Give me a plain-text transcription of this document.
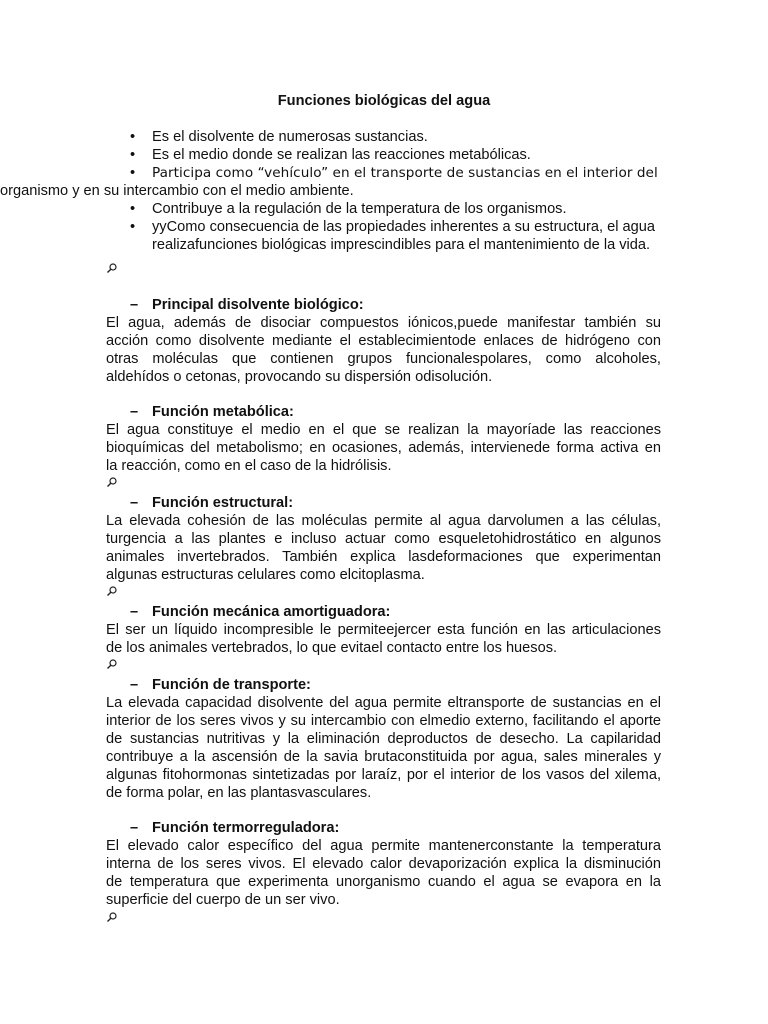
Funciones biológicas del agua
• Es el disolvente de numerosas sustancias.
• Es el medio donde se realizan las reacciones metabólicas.
• Participa como “vehículo” en el transporte de sustancias en el interior del
organismo y en su intercambio con el medio ambiente.
• Contribuye a la regulación de la temperatura de los organismos.
• yyComo consecuencia de las propiedades inherentes a su estructura, el agua
realizafunciones biológicas imprescindibles para el mantenimiento de la vida.
– Principal disolvente biológico:
El agua, además de disociar compuestos iónicos,puede manifestar también su
acción como disolvente mediante el establecimientode enlaces de hidrógeno con
otras moléculas que contienen grupos funcionalespolares, como alcoholes,
aldehídos o cetonas, provocando su dispersión odisolución.
– Función metabólica:
El agua constituye el medio en el que se realizan la mayoríade las reacciones
bioquímicas del metabolismo; en ocasiones, además, intervienede forma activa en
la reacción, como en el caso de la hidrólisis.
– Función estructural:
La elevada cohesión de las moléculas permite al agua darvolumen a las células,
turgencia a las plantes e incluso actuar como esqueletohidrostático en algunos
animales invertebrados. También explica lasdeformaciones que experimentan
algunas estructuras celulares como elcitoplasma.
– Función mecánica amortiguadora:
El ser un líquido incompresible le permiteejercer esta función en las articulaciones
de los animales vertebrados, lo que evitael contacto entre los huesos.
– Función de transporte:
La elevada capacidad disolvente del agua permite eltransporte de sustancias en el
interior de los seres vivos y su intercambio con elmedio externo, facilitando el aporte
de sustancias nutritivas y la eliminación deproductos de desecho. La capilaridad
contribuye a la ascensión de la savia brutaconstituida por agua, sales minerales y
algunas fitohormonas sintetizadas por laraíz, por el interior de los vasos del xilema,
de forma polar, en las plantasvasculares.
– Función termorreguladora:
El elevado calor específico del agua permite mantenerconstante la temperatura
interna de los seres vivos. El elevado calor devaporización explica la disminución
de temperatura que experimenta unorganismo cuando el agua se evapora en la
superficie del cuerpo de un ser vivo.
